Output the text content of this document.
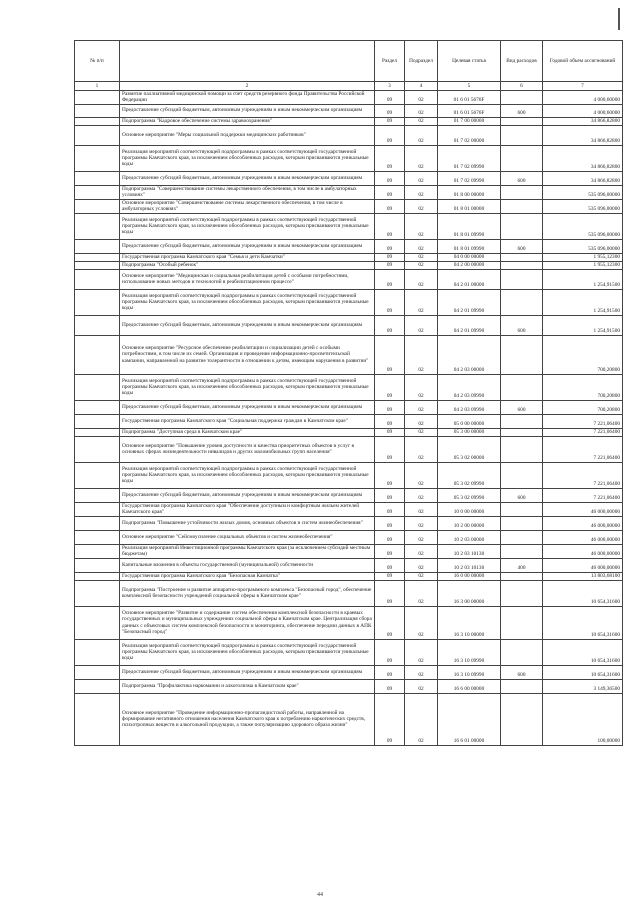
№ п/п		Раздел	Подраздел	Целевая статья	Вид расходов	Годовой объем ассигнований
1	2	3	4	5	6	7
	Развитие паллиативной медицинской помощи за счет средств резервного фонда Правительства Российской Федерации	09	02	01 6 01 5676F		4 000,60000
	Предоставление субсидий бюджетным, автономным учреждениям и иным некоммерческим организациям	09	02	01 6 01 5676F	600	4 000,60000
	Подпрограмма "Кадровое обеспечение системы здравоохранения"	09	02	01 7 00 00000		34 866,82800
	Основное мероприятие "Меры социальной поддержки медицинских работников"	09	02	01 7 02 00000		34 866,82800
	Реализация мероприятий соответствующей подпрограммы в рамках соответствующей государственной программы Камчатского края, за исключением обособленных расходов, которым присваиваются уникальные коды	09	02	01 7 02 09990		34 866,82800
	Предоставление субсидий бюджетным, автономным учреждениям и иным некоммерческим организациям	09	02	01 7 02 09990	600	34 866,82800
	Подпрограмма "Совершенствование системы лекарственного обеспечения, в том числе в амбулаторных условиях"	09	02	01 8 00 00000		535 096,00000
	Основное мероприятие "Совершенствование системы лекарственного обеспечения, в том числе в амбулаторных условиях"	09	02	01 8 01 00000		535 096,00000
	Реализация мероприятий соответствующей подпрограммы в рамках соответствующей государственной программы Камчатского края, за исключением обособленных расходов, которым присваиваются уникальные коды	09	02	01 8 01 09990		535 096,00000
	Предоставление субсидий бюджетным, автономным учреждениям и иным некоммерческим организациям	09	02	01 8 01 09990	600	535 096,00000
	Государственная программа Камчатского края "Семья и дети Камчатки"	09	02	04 0 00 00000		1 955,12300
	Подпрограмма "Особый ребенок"	09	02	04 2 00 00000		1 955,12300
	Основное мероприятие "Медицинская и социальная реабилитация детей с особыми потребностями, использование новых методов и технологий в реабилитационном процессе"	09	02	04 2 01 00000		1 254,91500
	Реализация мероприятий соответствующей подпрограммы в рамках соответствующей государственной программы Камчатского края, за исключением обособленных расходов, которым присваиваются уникальные коды	09	02	04 2 01 09990		1 254,91500
	Предоставление субсидий бюджетным, автономным учреждениям и иным некоммерческим организациям	09	02	04 2 01 09990	600	1 254,91500
	Основное мероприятие "Ресурсное обеспечение реабилитации и социализации детей с особыми потребностями, в том числе их семей. Организация и проведение информационно-просветительской кампании, направленной на развитие толерантности в отношении к детям, имеющим нарушения в развитии"	09	02	04 2 03 00000		700,20800
	Реализация мероприятий соответствующей подпрограммы в рамках соответствующей государственной программы Камчатского края, за исключением обособленных расходов, которым присваиваются уникальные коды	09	02	04 2 03 09990		700,20800
	Предоставление субсидий бюджетным, автономным учреждениям и иным некоммерческим организациям	09	02	04 2 03 09990	600	700,20800
	Государственная программа Камчатского края "Социальная поддержка граждан в Камчатском крае"	09	02	05 0 00 00000		7 221,06400
	Подпрограмма "Доступная среда в Камчатском крае"	09	02	05 3 00 00000		7 221,06400
	Основное мероприятие "Повышение уровня доступности и качества приоритетных объектов и услуг в основных сферах жизнедеятельности инвалидов и других маломобильных групп населения"	09	02	05 3 02 00000		7 221,06400
	Реализация мероприятий соответствующей подпрограммы в рамках соответствующей государственной программы Камчатского края, за исключением обособленных расходов, которым присваиваются уникальные коды	09	02	05 3 02 09990		7 221,06400
	Предоставление субсидий бюджетным, автономным учреждениям и иным некоммерческим организациям	09	02	05 3 02 09990	600	7 221,06400
	Государственная программа Камчатского края "Обеспечение доступным и комфортным жильем жителей Камчатского края"	09	02	10 0 00 00000		46 000,00000
	Подпрограмма "Повышение устойчивости жилых домов, основных объектов и систем жизнеобеспечения"	09	02	10 2 00 00000		46 000,00000
	Основное мероприятие "Сейсмоусиление социальных объектов и систем жизнеобеспечения"	09	02	10 2 03 00000		46 000,00000
	Реализация мероприятий Инвестиционной программы Камчатского края (за исключением субсидий местным бюджетам)	09	02	10 2 03 10130		46 000,00000
	Капитальные вложения в объекты государственной (муниципальной) собственности	09	02	10 2 03 10130	400	46 000,00000
	Государственная программа Камчатского края "Безопасная Камчатка"	09	02	16 0 00 00000		13 803,68100
	Подпрограмма "Построение и развитие аппаратно-программного комплекса "Безопасный город", обеспечение комплексной безопасности учреждений социальной сферы в Камчатском крае"	09	02	16 3 00 00000		10 654,31600
	Основное мероприятие "Развитие и содержание систем обеспечения комплексной безопасности в краевых государственных и муниципальных учреждениях социальной сферы в Камчатском крае. Централизация сбора данных с объектовых систем комплексной безопасности и мониторинга, обеспечение передачи данных в АПК "Безопасный город"	09	02	16 3 10 00000		10 654,31600
	Реализация мероприятий соответствующей подпрограммы в рамках соответствующей государственной программы Камчатского края, за исключением обособленных расходов, которым присваиваются уникальные коды	09	02	16 3 10 09990		10 654,31600
	Предоставление субсидий бюджетным, автономным учреждениям и иным некоммерческим организациям	09	02	16 3 10 09990	600	10 654,31600
	Подпрограмма "Профилактика наркомании и алкоголизма в Камчатском крае"	09	02	16 6 00 00000		3 149,36500
	Основное мероприятие "Проведение информационно-пропагандистской работы, направленной на формирование негативного отношения населения Камчатского края к потреблению наркотических средств, психотропных веществ и алкогольной продукции, а также популяризацию здорового образа жизни"	09	02	16 6 01 00000		100,00000
44
